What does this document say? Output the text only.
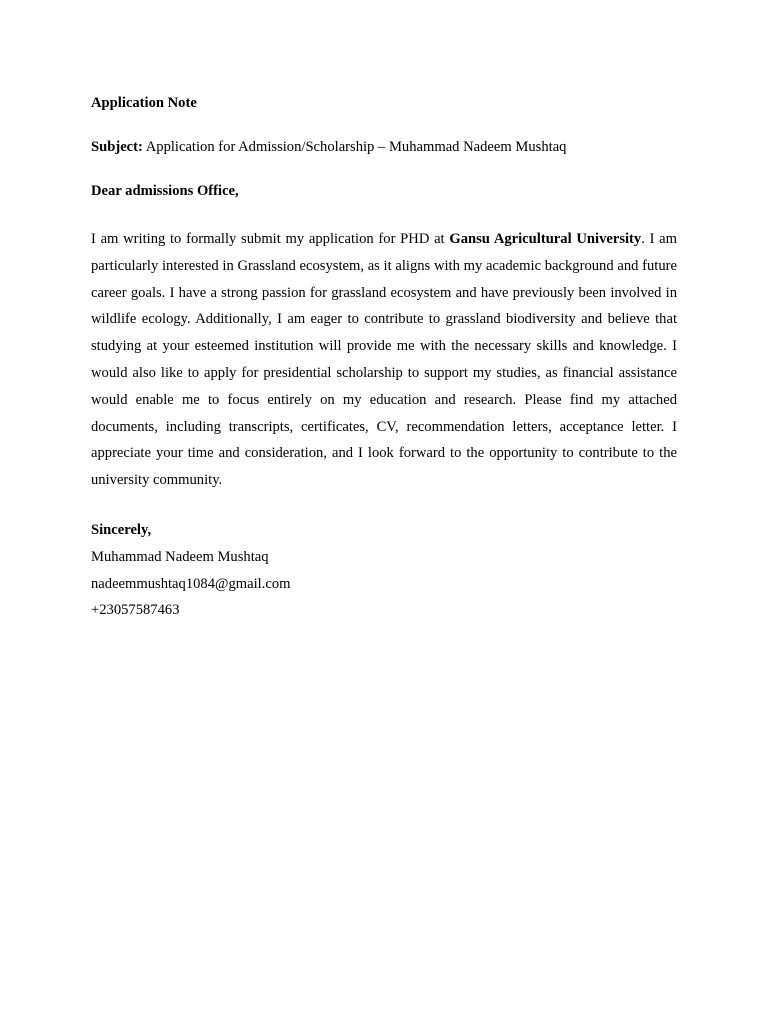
Application Note

Subject: Application for Admission/Scholarship – Muhammad Nadeem Mushtaq

Dear admissions Office,

I am writing to formally submit my application for PHD at Gansu Agricultural University. I am particularly interested in Grassland ecosystem, as it aligns with my academic background and future career goals. I have a strong passion for grassland ecosystem and have previously been involved in wildlife ecology. Additionally, I am eager to contribute to grassland biodiversity and believe that studying at your esteemed institution will provide me with the necessary skills and knowledge. I would also like to apply for presidential scholarship to support my studies, as financial assistance would enable me to focus entirely on my education and research. Please find my attached documents, including transcripts, certificates, CV, recommendation letters, acceptance letter. I appreciate your time and consideration, and I look forward to the opportunity to contribute to the university community.

Sincerely,

Muhammad Nadeem Mushtaq

nadeemmushtaq1084@gmail.com

+23057587463
